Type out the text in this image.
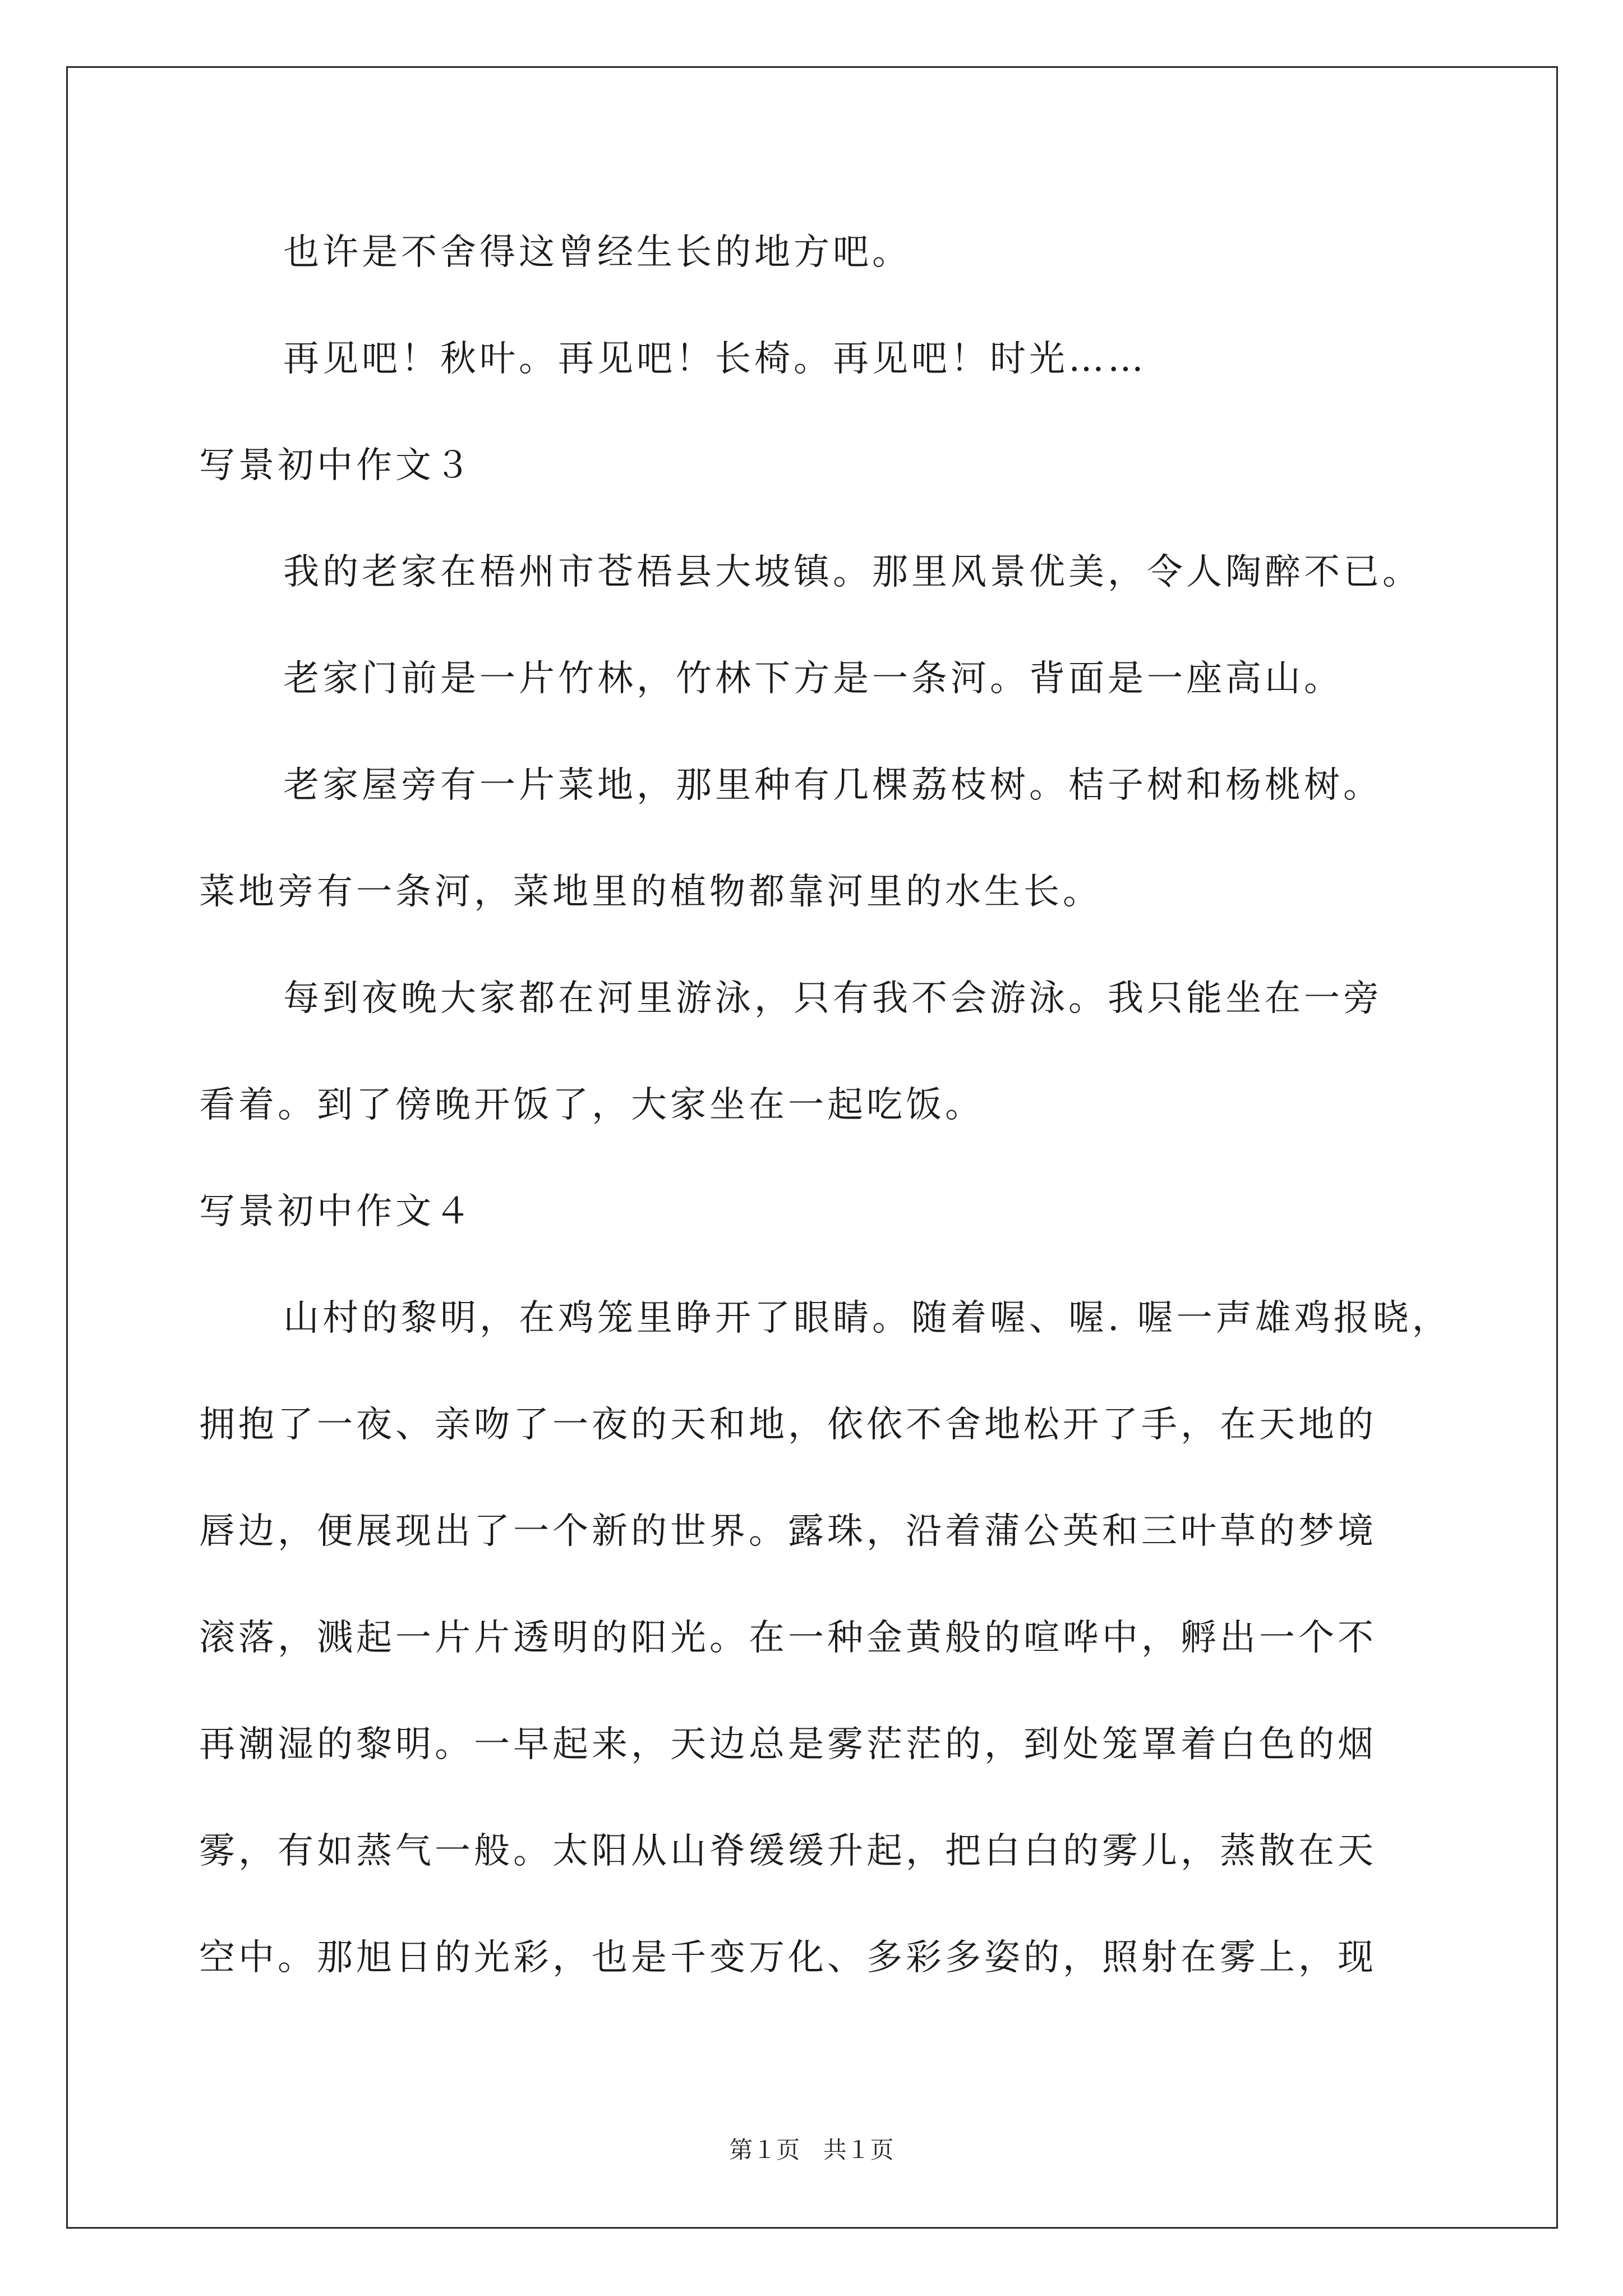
也许是不舍得这曾经生长的地方吧。
再见吧！秋叶。再见吧！长椅。再见吧！时光……
写景初中作文３
我的老家在梧州市苍梧县大坡镇。那里风景优美，令人陶醉不已。
老家门前是一片竹林，竹林下方是一条河。背面是一座高山。
老家屋旁有一片菜地，那里种有几棵荔枝树。桔子树和杨桃树。
菜地旁有一条河，菜地里的植物都靠河里的水生长。
每到夜晚大家都在河里游泳，只有我不会游泳。我只能坐在一旁
看着。到了傍晚开饭了，大家坐在一起吃饭。
写景初中作文４
山村的黎明，在鸡笼里睁开了眼睛。随着喔、喔. 喔一声雄鸡报晓，
拥抱了一夜、亲吻了一夜的天和地，依依不舍地松开了手，在天地的
唇边，便展现出了一个新的世界。露珠，沿着蒲公英和三叶草的梦境
滚落，溅起一片片透明的阳光。在一种金黄般的喧哗中，孵出一个不
再潮湿的黎明。一早起来，天边总是雾茫茫的，到处笼罩着白色的烟
雾，有如蒸气一般。太阳从山脊缓缓升起，把白白的雾儿，蒸散在天
空中。那旭日的光彩，也是千变万化、多彩多姿的，照射在雾上，现
第１页 共１页
